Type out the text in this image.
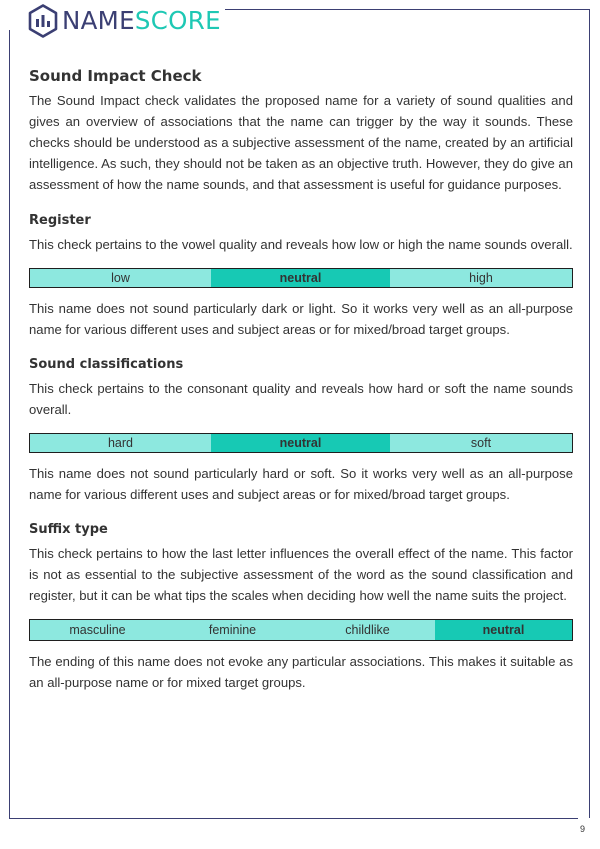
NAMESCORE
Sound Impact Check

The Sound Impact check validates the proposed name for a variety of sound qualities and gives an overview of associations that the name can trigger by the way it sounds. These checks should be understood as a subjective assessment of the name, created by an artificial intelligence. As such, they should not be taken as an objective truth. However, they do give an assessment of how the name sounds, and that assessment is useful for guidance purposes.

Register

This check pertains to the vowel quality and reveals how low or high the name sounds overall.

low	neutral	high

This name does not sound particularly dark or light. So it works very well as an all-purpose name for various different uses and subject areas or for mixed/broad target groups.

Sound classifications

This check pertains to the consonant quality and reveals how hard or soft the name sounds overall.

hard	neutral	soft

This name does not sound particularly hard or soft. So it works very well as an all-purpose name for various different uses and subject areas or for mixed/broad target groups.

Suffix type

This check pertains to how the last letter influences the overall effect of the name. This factor is not as essential to the subjective assessment of the word as the sound classification and register, but it can be what tips the scales when deciding how well the name suits the project.

masculine	feminine	childlike	neutral

The ending of this name does not evoke any particular associations. This makes it suitable as an all-purpose name or for mixed target groups.

9
